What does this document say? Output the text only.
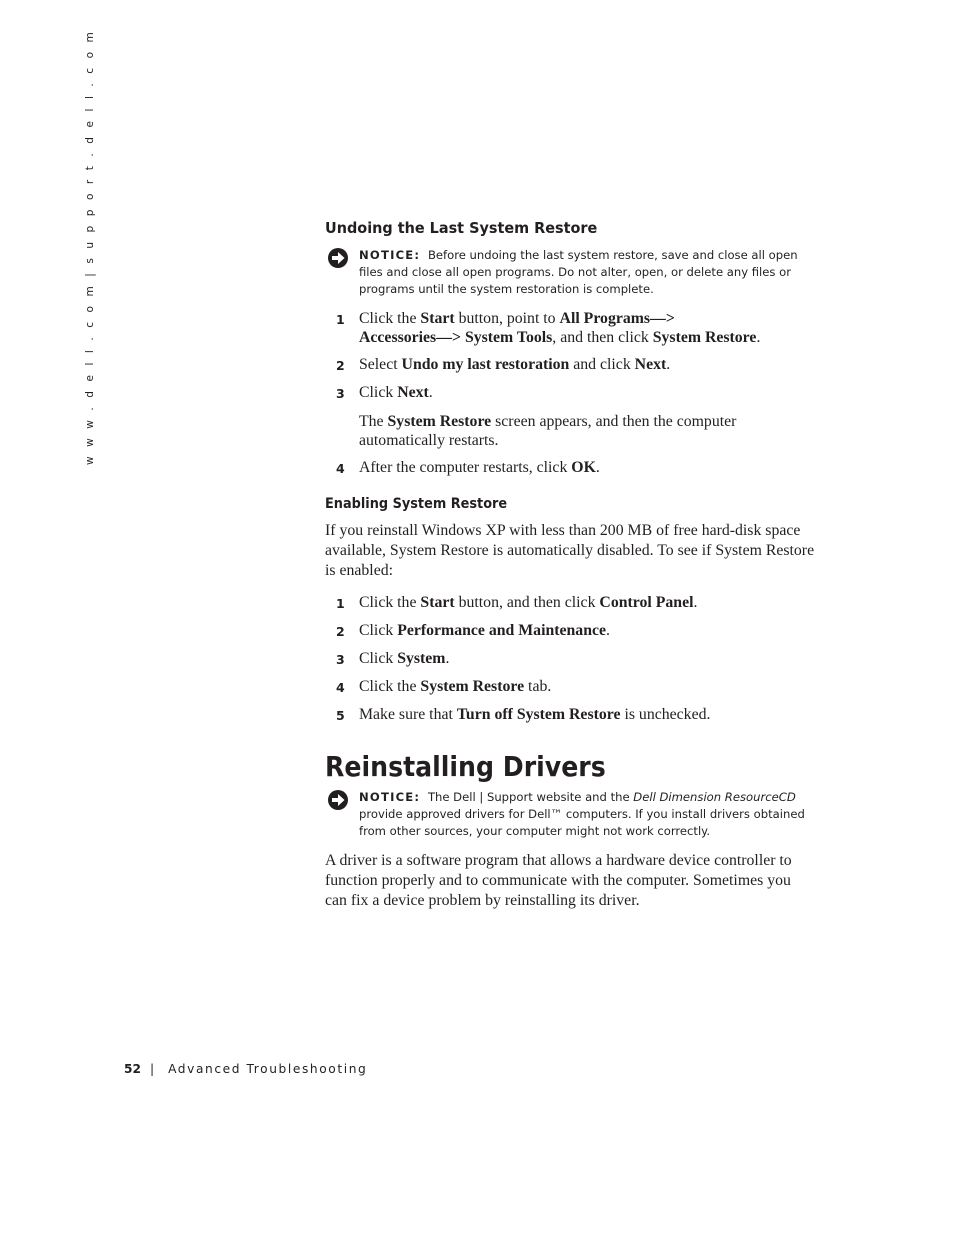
w w w . d e l l . c o m | s u p p o r t . d e l l . c o m	Undoing the Last System Restore
NOTICE: Before undoing the last system restore, save and close all open files and close all open programs. Do not alter, open, or delete any files or programs until the system restoration is complete.
1 Click the Start button, point to All Programs—>
Accessories—> System Tools, and then click System Restore.
2 Select Undo my last restoration and click Next.
3 Click Next.
The System Restore screen appears, and then the computer automatically restarts.
4 After the computer restarts, click OK.
Enabling System Restore
If you reinstall Windows XP with less than 200 MB of free hard-disk space available, System Restore is automatically disabled. To see if System Restore is enabled:
1 Click the Start button, and then click Control Panel.
2 Click Performance and Maintenance.
3 Click System.
4 Click the System Restore tab.
5 Make sure that Turn off System Restore is unchecked.
Reinstalling Drivers
NOTICE: The Dell | Support website and the Dell Dimension ResourceCD provide approved drivers for Dell™ computers. If you install drivers obtained from other sources, your computer might not work correctly.
A driver is a software program that allows a hardware device controller to function properly and to communicate with the computer. Sometimes you can fix a device problem by reinstalling its driver.
52 | Advanced Troubleshooting
